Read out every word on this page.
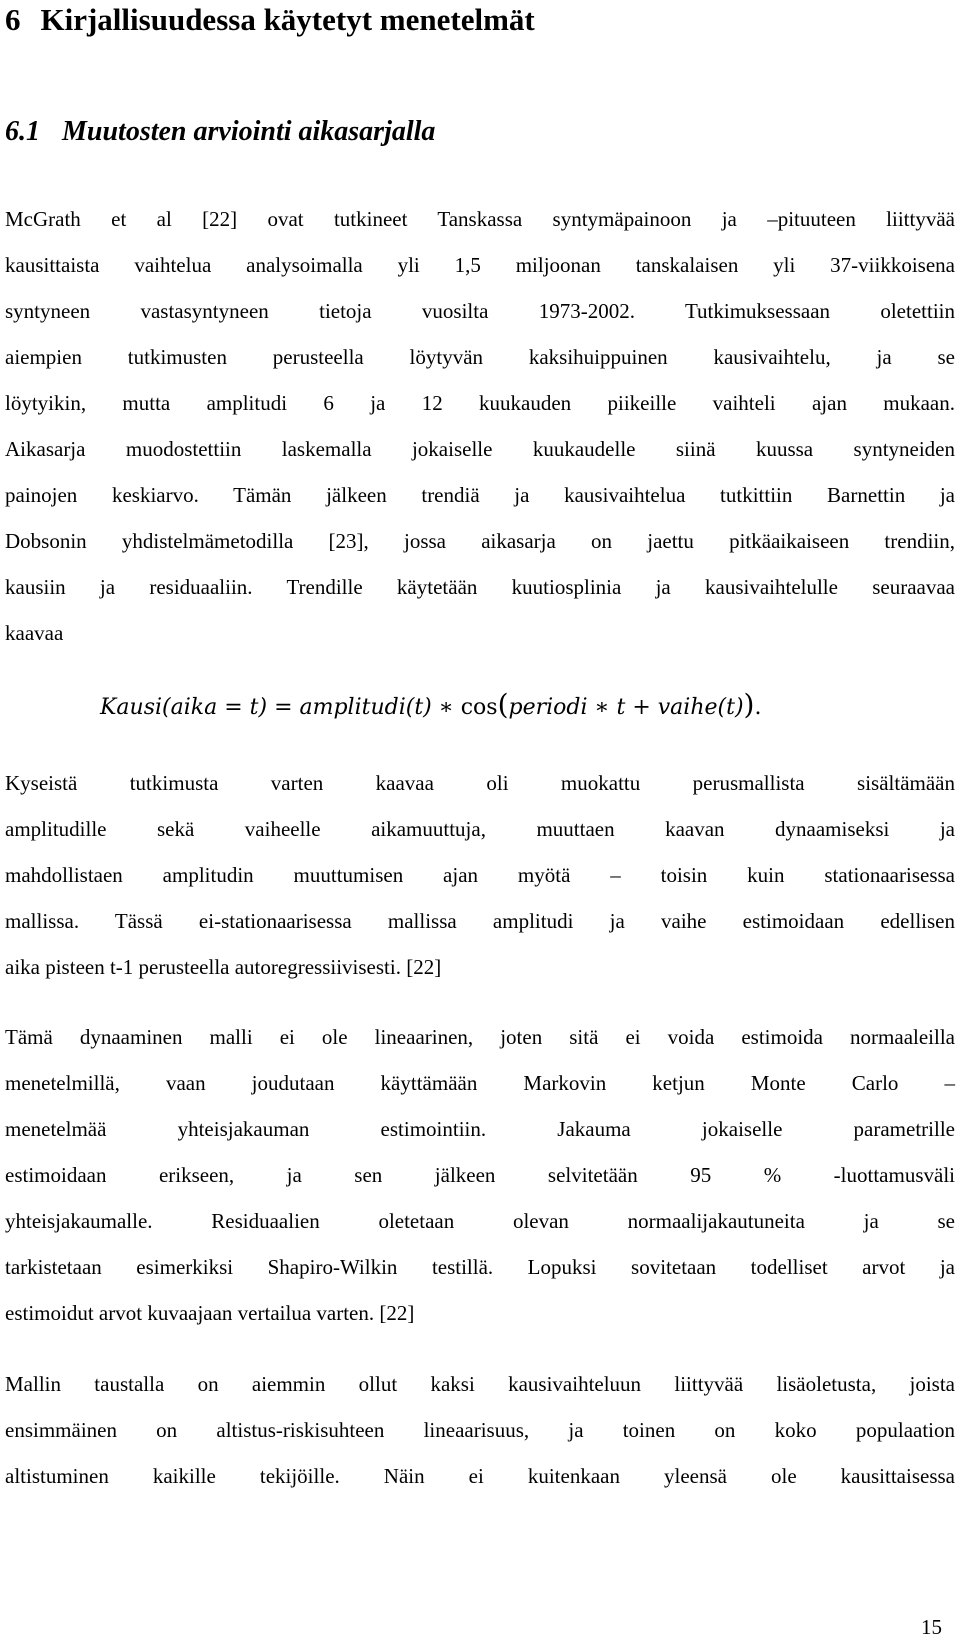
6 Kirjallisuudessa käytetyt menetelmät
6.1 Muutosten arviointi aikasarjalla
McGrath et al [22] ovat tutkineet Tanskassa syntymäpainoon ja –pituuteen liittyvää
kausittaista vaihtelua analysoimalla yli 1,5 miljoonan tanskalaisen yli 37-viikkoisena
syntyneen vastasyntyneen tietoja vuosilta 1973-2002. Tutkimuksessaan oletettiin
aiempien tutkimusten perusteella löytyvän kaksihuippuinen kausivaihtelu, ja se
löytyikin, mutta amplitudi 6 ja 12 kuukauden piikeille vaihteli ajan mukaan.
Aikasarja muodostettiin laskemalla jokaiselle kuukaudelle siinä kuussa syntyneiden
painojen keskiarvo. Tämän jälkeen trendiä ja kausivaihtelua tutkittiin Barnettin ja
Dobsonin yhdistelmämetodilla [23], jossa aikasarja on jaettu pitkäaikaiseen trendiin,
kausiin ja residuaaliin. Trendille käytetään kuutiosplinia ja kausivaihtelulle seuraavaa
kaavaa
Kausi(aika = t) = amplitudi(t) ∗ cos(periodi ∗ t + vaihe(t)).
Kyseistä tutkimusta varten kaavaa oli muokattu perusmallista sisältämään
amplitudille sekä vaiheelle aikamuuttuja, muuttaen kaavan dynaamiseksi ja
mahdollistaen amplitudin muuttumisen ajan myötä – toisin kuin stationaarisessa
mallissa. Tässä ei-stationaarisessa mallissa amplitudi ja vaihe estimoidaan edellisen
aika pisteen t-1 perusteella autoregressiivisesti. [22]
Tämä dynaaminen malli ei ole lineaarinen, joten sitä ei voida estimoida normaaleilla
menetelmillä, vaan joudutaan käyttämään Markovin ketjun Monte Carlo –
menetelmää yhteisjakauman estimointiin. Jakauma jokaiselle parametrille
estimoidaan erikseen, ja sen jälkeen selvitetään 95 % -luottamusväli
yhteisjakaumalle. Residuaalien oletetaan olevan normaalijakautuneita ja se
tarkistetaan esimerkiksi Shapiro-Wilkin testillä. Lopuksi sovitetaan todelliset arvot ja
estimoidut arvot kuvaajaan vertailua varten. [22]
Mallin taustalla on aiemmin ollut kaksi kausivaihteluun liittyvää lisäoletusta, joista
ensimmäinen on altistus-riskisuhteen lineaarisuus, ja toinen on koko populaation
altistuminen kaikille tekijöille. Näin ei kuitenkaan yleensä ole kausittaisessa
15
